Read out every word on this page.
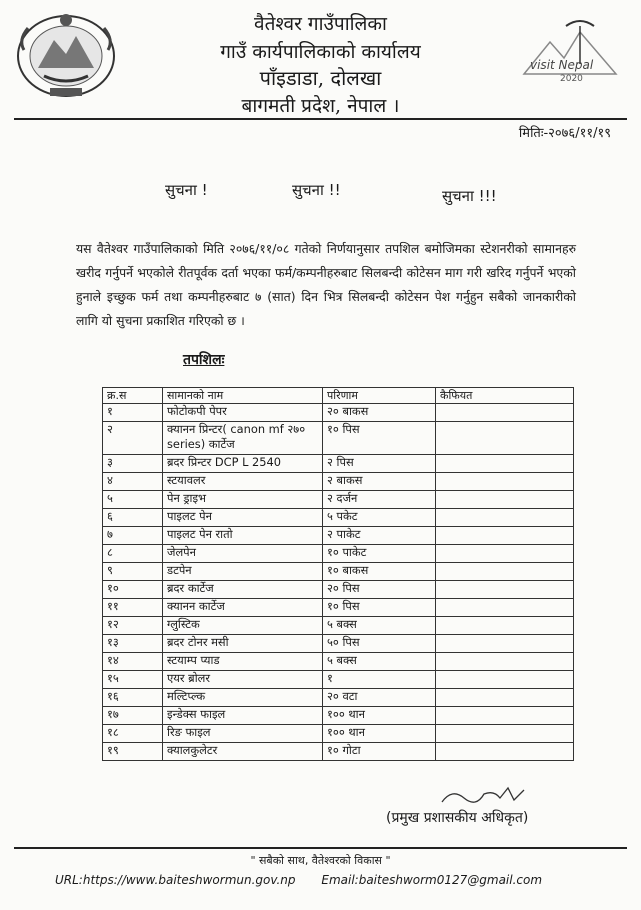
visit Nepal
2020
वैतेश्वर गाउँपालिका
गाउँ कार्यपालिकाको कार्यालय
पाँइडाडा, दोलखा
बागमती प्रदेश, नेपाल ।
मितिः-२०७६/११/१९
सुचना !	सुचना !!	सुचना !!!
यस वैतेश्वर गाउँपालिकाको मिति २०७६/११/०८ गतेको निर्णयानुसार तपशिल बमोजिमका स्टेशनरीको सामानहरु खरीद गर्नुपर्ने भएकोले रीतपूर्वक दर्ता भएका फर्म/कम्पनीहरुबाट सिलबन्दी कोटेसन माग गरी खरिद गर्नुपर्ने भएको हुनाले इच्छुक फर्म तथा कम्पनीहरुबाट ७ (सात) दिन भित्र सिलबन्दी कोटेसन पेश गर्नुहुन सबैको जानकारीको लागि यो सुचना प्रकाशित गरिएको छ ।
तपशिलः
क्र.स	सामानको नाम	परिणाम	कैफियत
१	फोटोकपी पेपर	२० बाकस	
२	क्यानन प्रिन्टर( canon mf २७० series) कार्टेज	१० पिस	
३	ब्रदर प्रिन्टर DCP L 2540	२ पिस	
४	स्टयावलर	२ बाकस	
५	पेन ड्राइभ	२ दर्जन	
६	पाइलट पेन	५ पकेट	
७	पाइलट पेन रातो	२ पाकेट	
८	जेलपेन	१० पाकेट	
९	डटपेन	१० बाकस	
१०	ब्रदर कार्टेज	२० पिस	
११	क्यानन कार्टेज	१० पिस	
१२	ग्लुस्टिक	५ बक्स	
१३	ब्रदर टोनर मसी	५० पिस	
१४	स्टयाम्प प्याड	५ बक्स	
१५	एयर ब्रोलर	१	
१६	मल्टिप्ल्क	२० वटा	
१७	इन्डेक्स फाइल	१०० थान	
१८	रिङ फाइल	१०० थान	
१९	क्यालकुलेटर	१० गोटा	
(प्रमुख प्रशासकीय अधिकृत)
" सबैको साथ, वैतेश्वरको विकास "
URL:https://www.baiteshwormun.gov.np Email:baiteshworm0127@gmail.com
